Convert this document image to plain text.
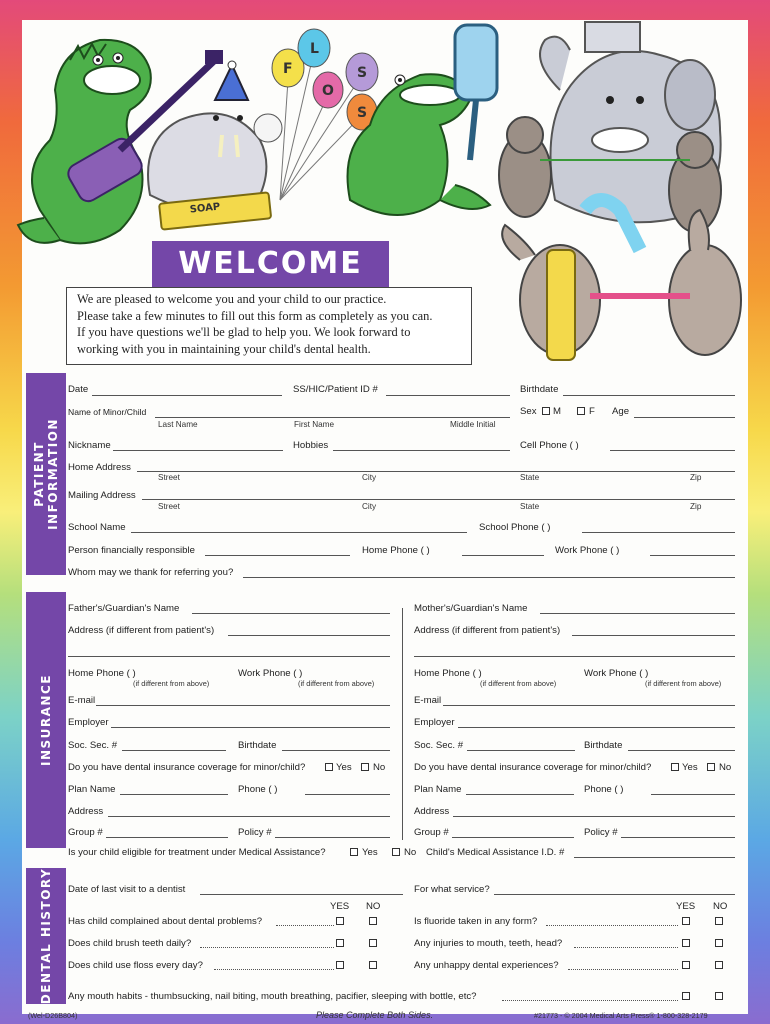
SOAP
F
L
O
S
S
WELCOME
We are pleased to welcome you and your child to our practice.
Please take a few minutes to fill out this form as completely as you can.
If you have questions we'll be glad to help you. We look forward to
working with you in maintaining your child's dental health.
PATIENT INFORMATION
Date	SS/HIC/Patient ID #	Birthdate
Name of Minor/Child
Last Name	First Name	Middle Initial
Sex M	F Age
Nickname	Hobbies	Cell Phone ( )
Home Address
Street	City	State	Zip
Mailing Address
Street	City	State	Zip
School Name	School Phone ( )
Person financially responsible	Home Phone ( )	Work Phone ( )
Whom may we thank for referring you?
INSURANCE
Father's/Guardian's Name
Address (if different from patient's)
Home Phone ( )
(if different from above)
Work Phone ( )
(if different from above)
E-mail
Employer
Soc. Sec. #	Birthdate
Do you have dental insurance coverage for minor/child?	Yes No
Plan Name	Phone ( )
Address
Group #	Policy #
Mother's/Guardian's Name
Address (if different from patient's)
Home Phone ( )
(if different from above)
Work Phone ( )
(if different from above)
E-mail
Employer
Soc. Sec. #	Birthdate
Do you have dental insurance coverage for minor/child?	Yes No
Plan Name	Phone ( )
Address
Group #	Policy #
Is your child eligible for treatment under Medical Assistance?	Yes	No Child's Medical Assistance I.D. #
DENTAL HISTORY Date of last visit to a dentist	For what service?
YES NO	YES NO
Has child complained about dental problems?	Is fluoride taken in any form?
Does child brush teeth daily?	Any injuries to mouth, teeth, head?
Does child use floss every day?	Any unhappy dental experiences?
Any mouth habits - thumbsucking, nail biting, mouth breathing, pacifier, sleeping with bottle, etc?
(Wel-D26B804)	Please Complete Both Sides.	#21773 - © 2004 Medical Arts Press® 1-800-328-2179
